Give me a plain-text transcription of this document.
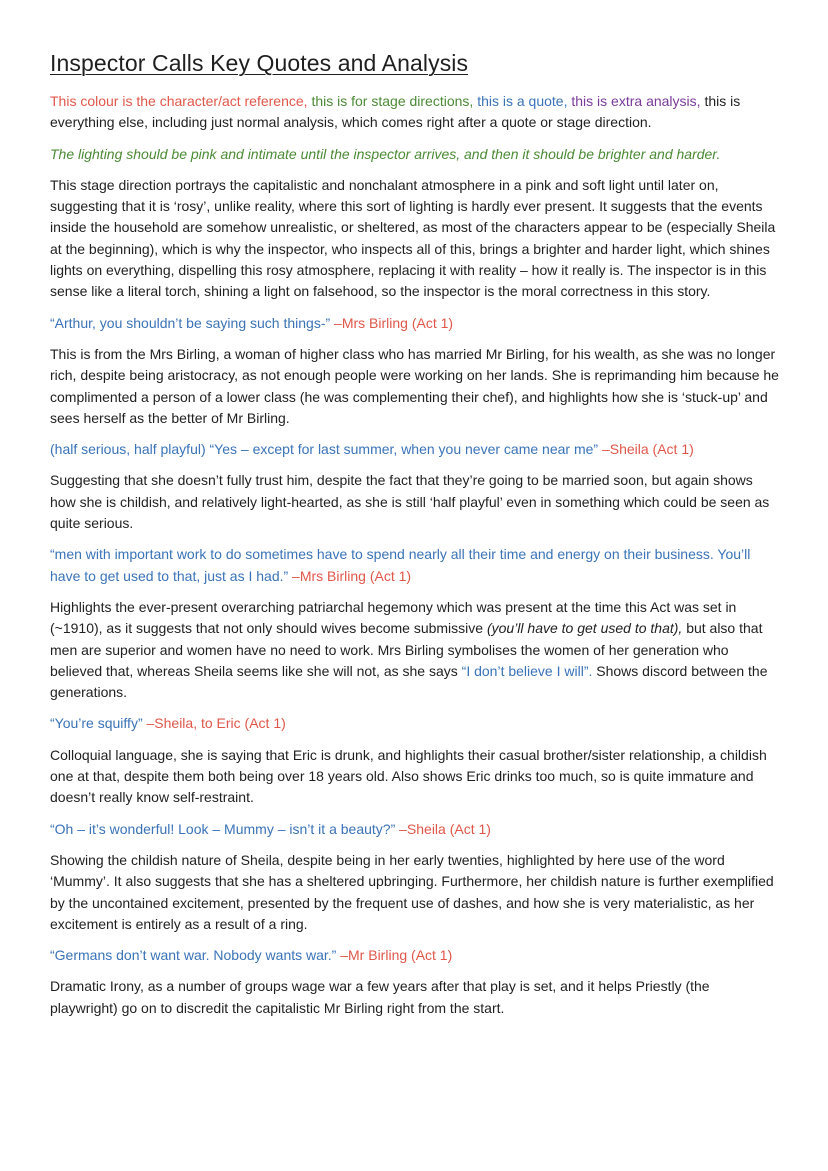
Inspector Calls Key Quotes and Analysis

This colour is the character/act reference, this is for stage directions, this is a quote, this is extra analysis, this is everything else, including just normal analysis, which comes right after a quote or stage direction.

The lighting should be pink and intimate until the inspector arrives, and then it should be brighter and harder.

This stage direction portrays the capitalistic and nonchalant atmosphere in a pink and soft light until later on, suggesting that it is ‘rosy’, unlike reality, where this sort of lighting is hardly ever present. It suggests that the events inside the household are somehow unrealistic, or sheltered, as most of the characters appear to be (especially Sheila at the beginning), which is why the inspector, who inspects all of this, brings a brighter and harder light, which shines lights on everything, dispelling this rosy atmosphere, replacing it with reality – how it really is. The inspector is in this sense like a literal torch, shining a light on falsehood, so the inspector is the moral correctness in this story.

“Arthur, you shouldn’t be saying such things-” –Mrs Birling (Act 1)

This is from the Mrs Birling, a woman of higher class who has married Mr Birling, for his wealth, as she was no longer rich, despite being aristocracy, as not enough people were working on her lands. She is reprimanding him because he complimented a person of a lower class (he was complementing their chef), and highlights how she is ‘stuck-up’ and sees herself as the better of Mr Birling.

(half serious, half playful) “Yes – except for last summer, when you never came near me” –Sheila (Act 1)

Suggesting that she doesn’t fully trust him, despite the fact that they’re going to be married soon, but again shows how she is childish, and relatively light-hearted, as she is still ‘half playful’ even in something which could be seen as quite serious.

“men with important work to do sometimes have to spend nearly all their time and energy on their business. You’ll have to get used to that, just as I had.” –Mrs Birling (Act 1)

Highlights the ever-present overarching patriarchal hegemony which was present at the time this Act was set in (~1910), as it suggests that not only should wives become submissive (you’ll have to get used to that), but also that men are superior and women have no need to work. Mrs Birling symbolises the women of her generation who believed that, whereas Sheila seems like she will not, as she says “I don’t believe I will”. Shows discord between the generations.

“You’re squiffy” –Sheila, to Eric (Act 1)

Colloquial language, she is saying that Eric is drunk, and highlights their casual brother/sister relationship, a childish one at that, despite them both being over 18 years old. Also shows Eric drinks too much, so is quite immature and doesn’t really know self-restraint.

“Oh – it’s wonderful! Look – Mummy – isn’t it a beauty?” –Sheila (Act 1)

Showing the childish nature of Sheila, despite being in her early twenties, highlighted by here use of the word ‘Mummy’. It also suggests that she has a sheltered upbringing. Furthermore, her childish nature is further exemplified by the uncontained excitement, presented by the frequent use of dashes, and how she is very materialistic, as her excitement is entirely as a result of a ring.

“Germans don’t want war. Nobody wants war.” –Mr Birling (Act 1)

Dramatic Irony, as a number of groups wage war a few years after that play is set, and it helps Priestly (the playwright) go on to discredit the capitalistic Mr Birling right from the start.
